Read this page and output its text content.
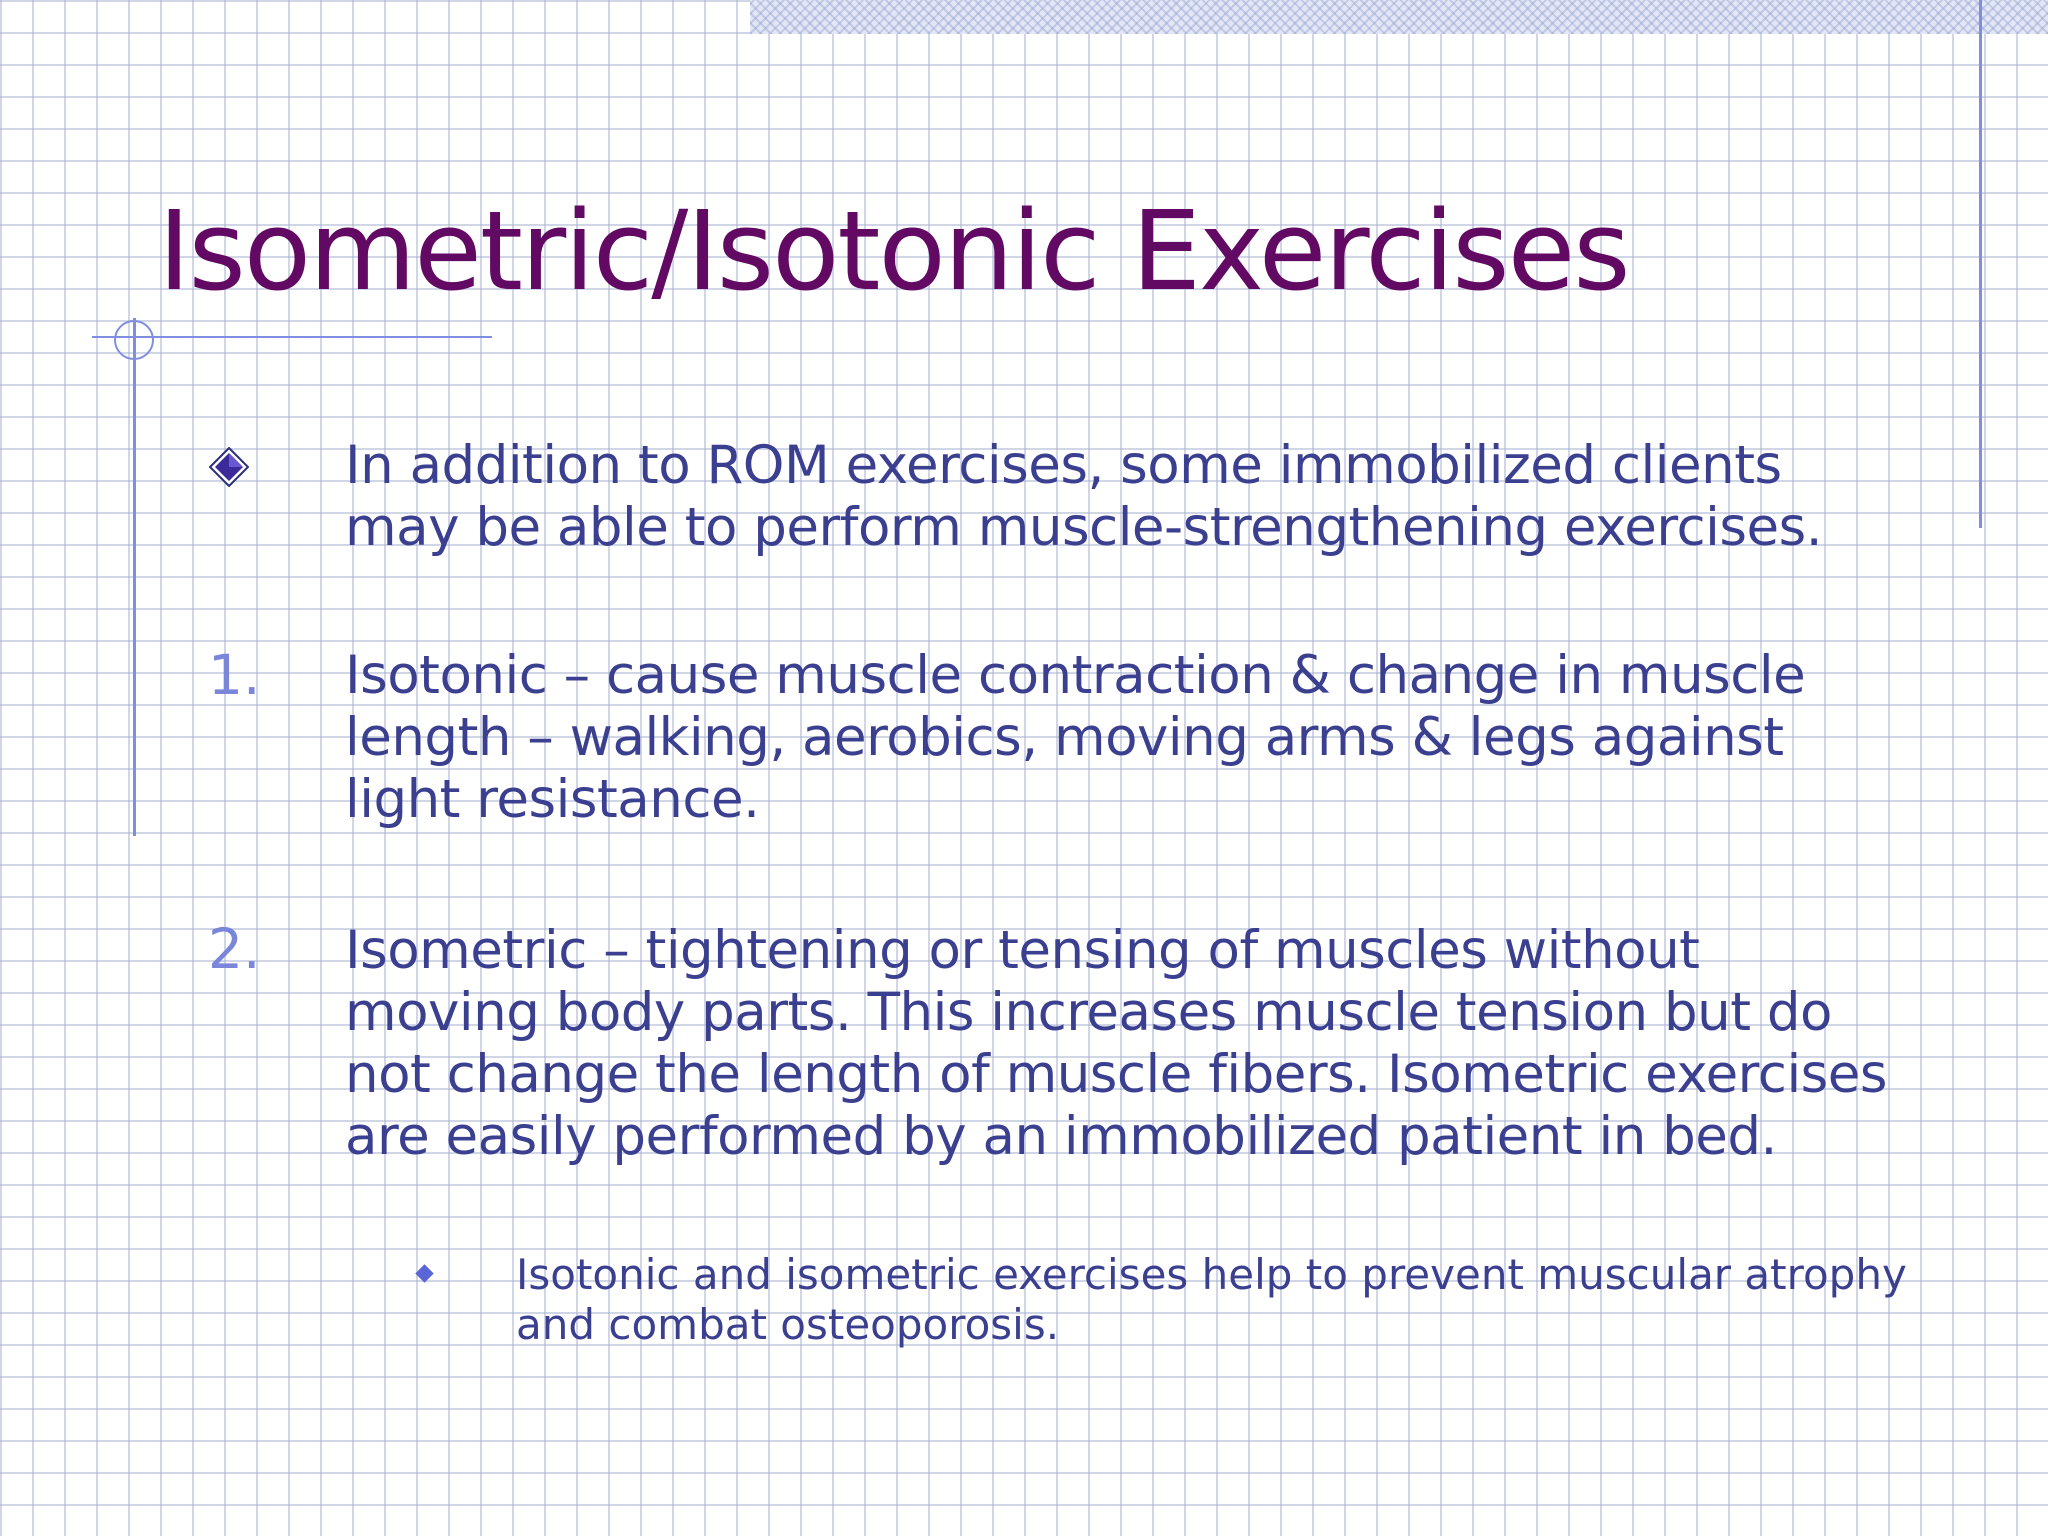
Isometric/Isotonic Exercises
In addition to ROM exercises, some immobilized clients may be able to perform muscle-strengthening exercises.
1. Isotonic – cause muscle contraction & change in muscle length – walking, aerobics, moving arms & legs against light resistance.
2. Isometric – tightening or tensing of muscles without moving body parts. This increases muscle tension but do not change the length of muscle fibers. Isometric exercises are easily performed by an immobilized patient in bed.
Isotonic and isometric exercises help to prevent muscular atrophy and combat osteoporosis.
